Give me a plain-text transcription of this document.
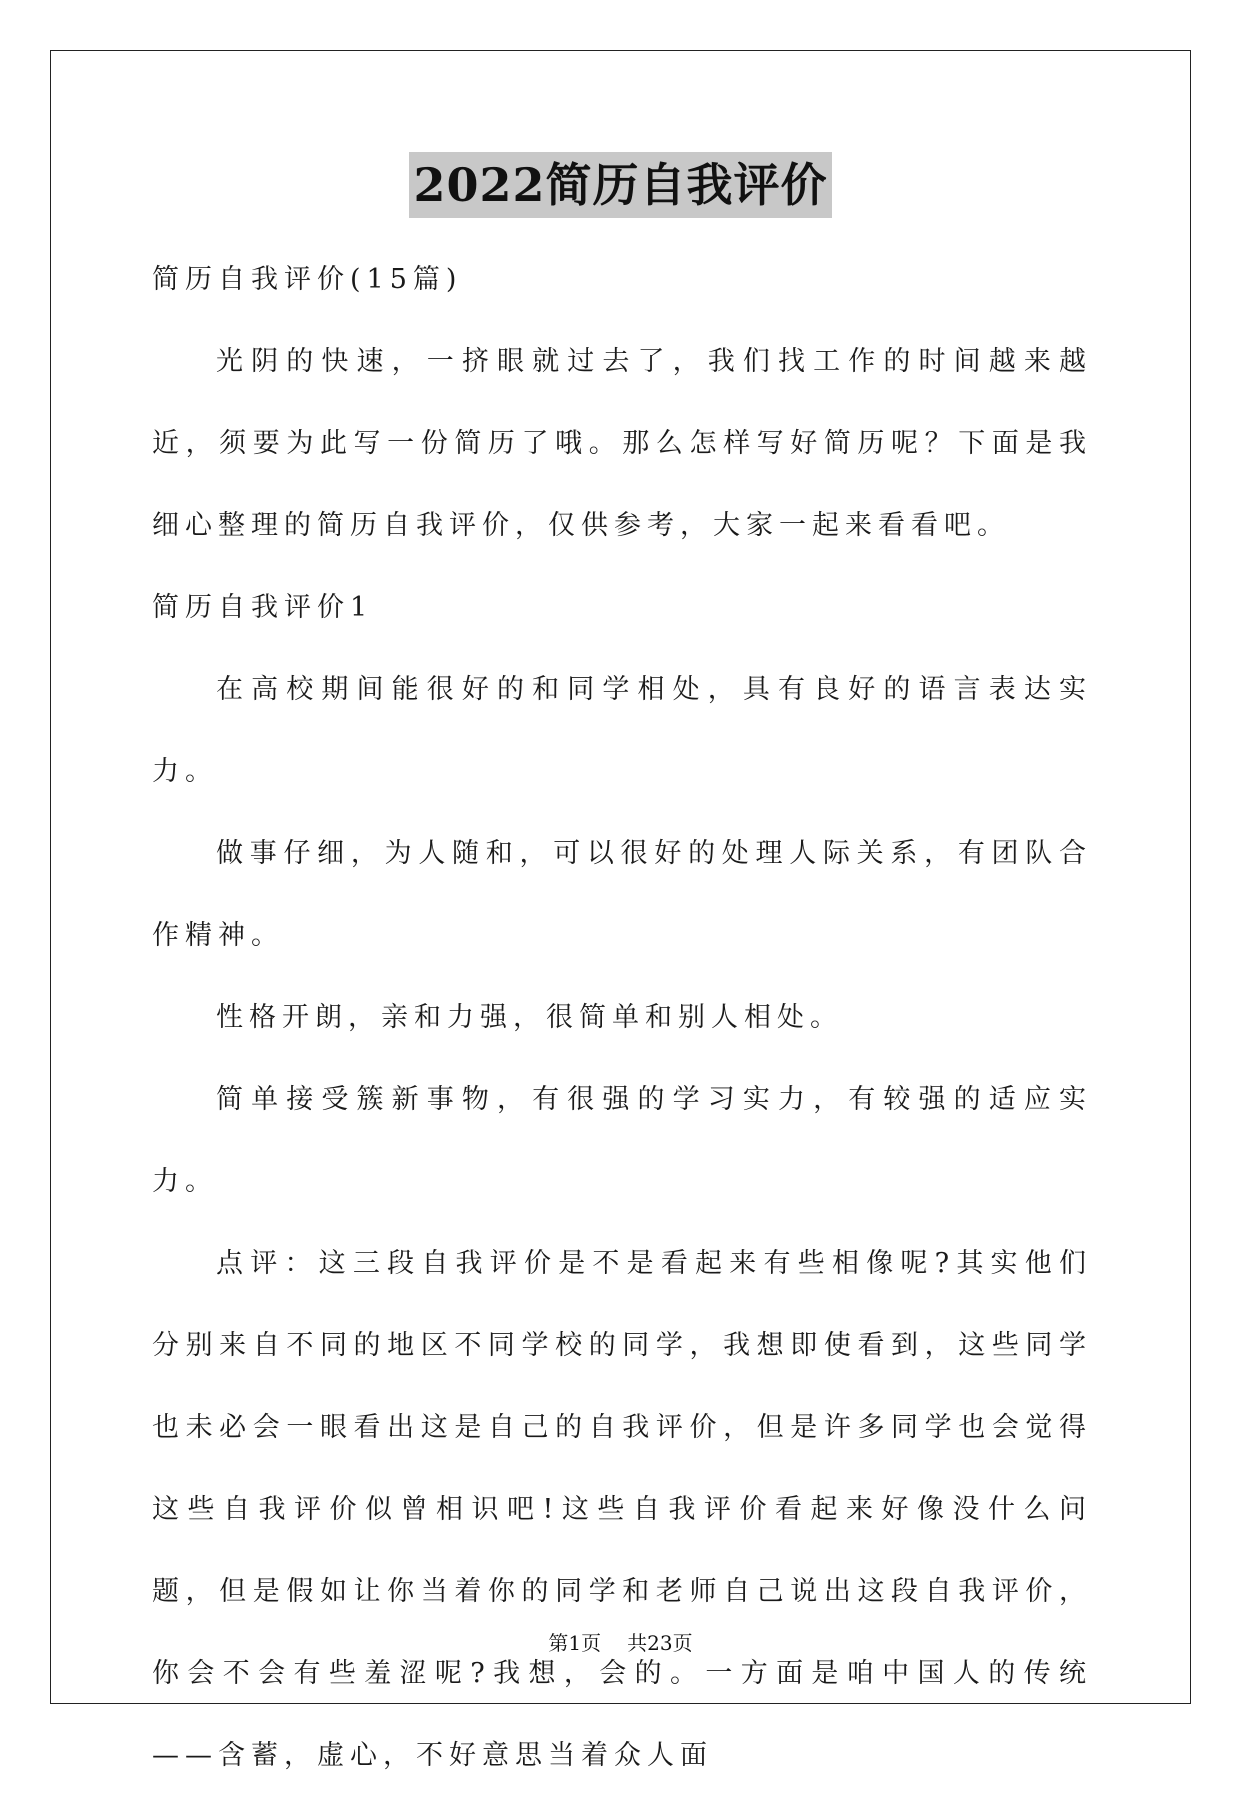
2022简历自我评价

简历自我评价(15篇)

光阴的快速，一挤眼就过去了，我们找工作的时间越来越近，须要为此写一份简历了哦。那么怎样写好简历呢？下面是我细心整理的简历自我评价，仅供参考，大家一起来看看吧。

简历自我评价1

在高校期间能很好的和同学相处，具有良好的语言表达实力。

做事仔细，为人随和，可以很好的处理人际关系，有团队合作精神。

性格开朗，亲和力强，很简单和别人相处。

简单接受簇新事物，有很强的学习实力，有较强的适应实力。

点评：这三段自我评价是不是看起来有些相像呢?其实他们分别来自不同的地区不同学校的同学，我想即使看到，这些同学也未必会一眼看出这是自己的自我评价，但是许多同学也会觉得这些自我评价似曾相识吧!这些自我评价看起来好像没什么问题，但是假如让你当着你的同学和老师自己说出这段自我评价，你会不会有些羞涩呢?我想，会的。一方面是咱中国人的传统——含蓄，虚心，不好意思当着众人面

第1页 共23页
